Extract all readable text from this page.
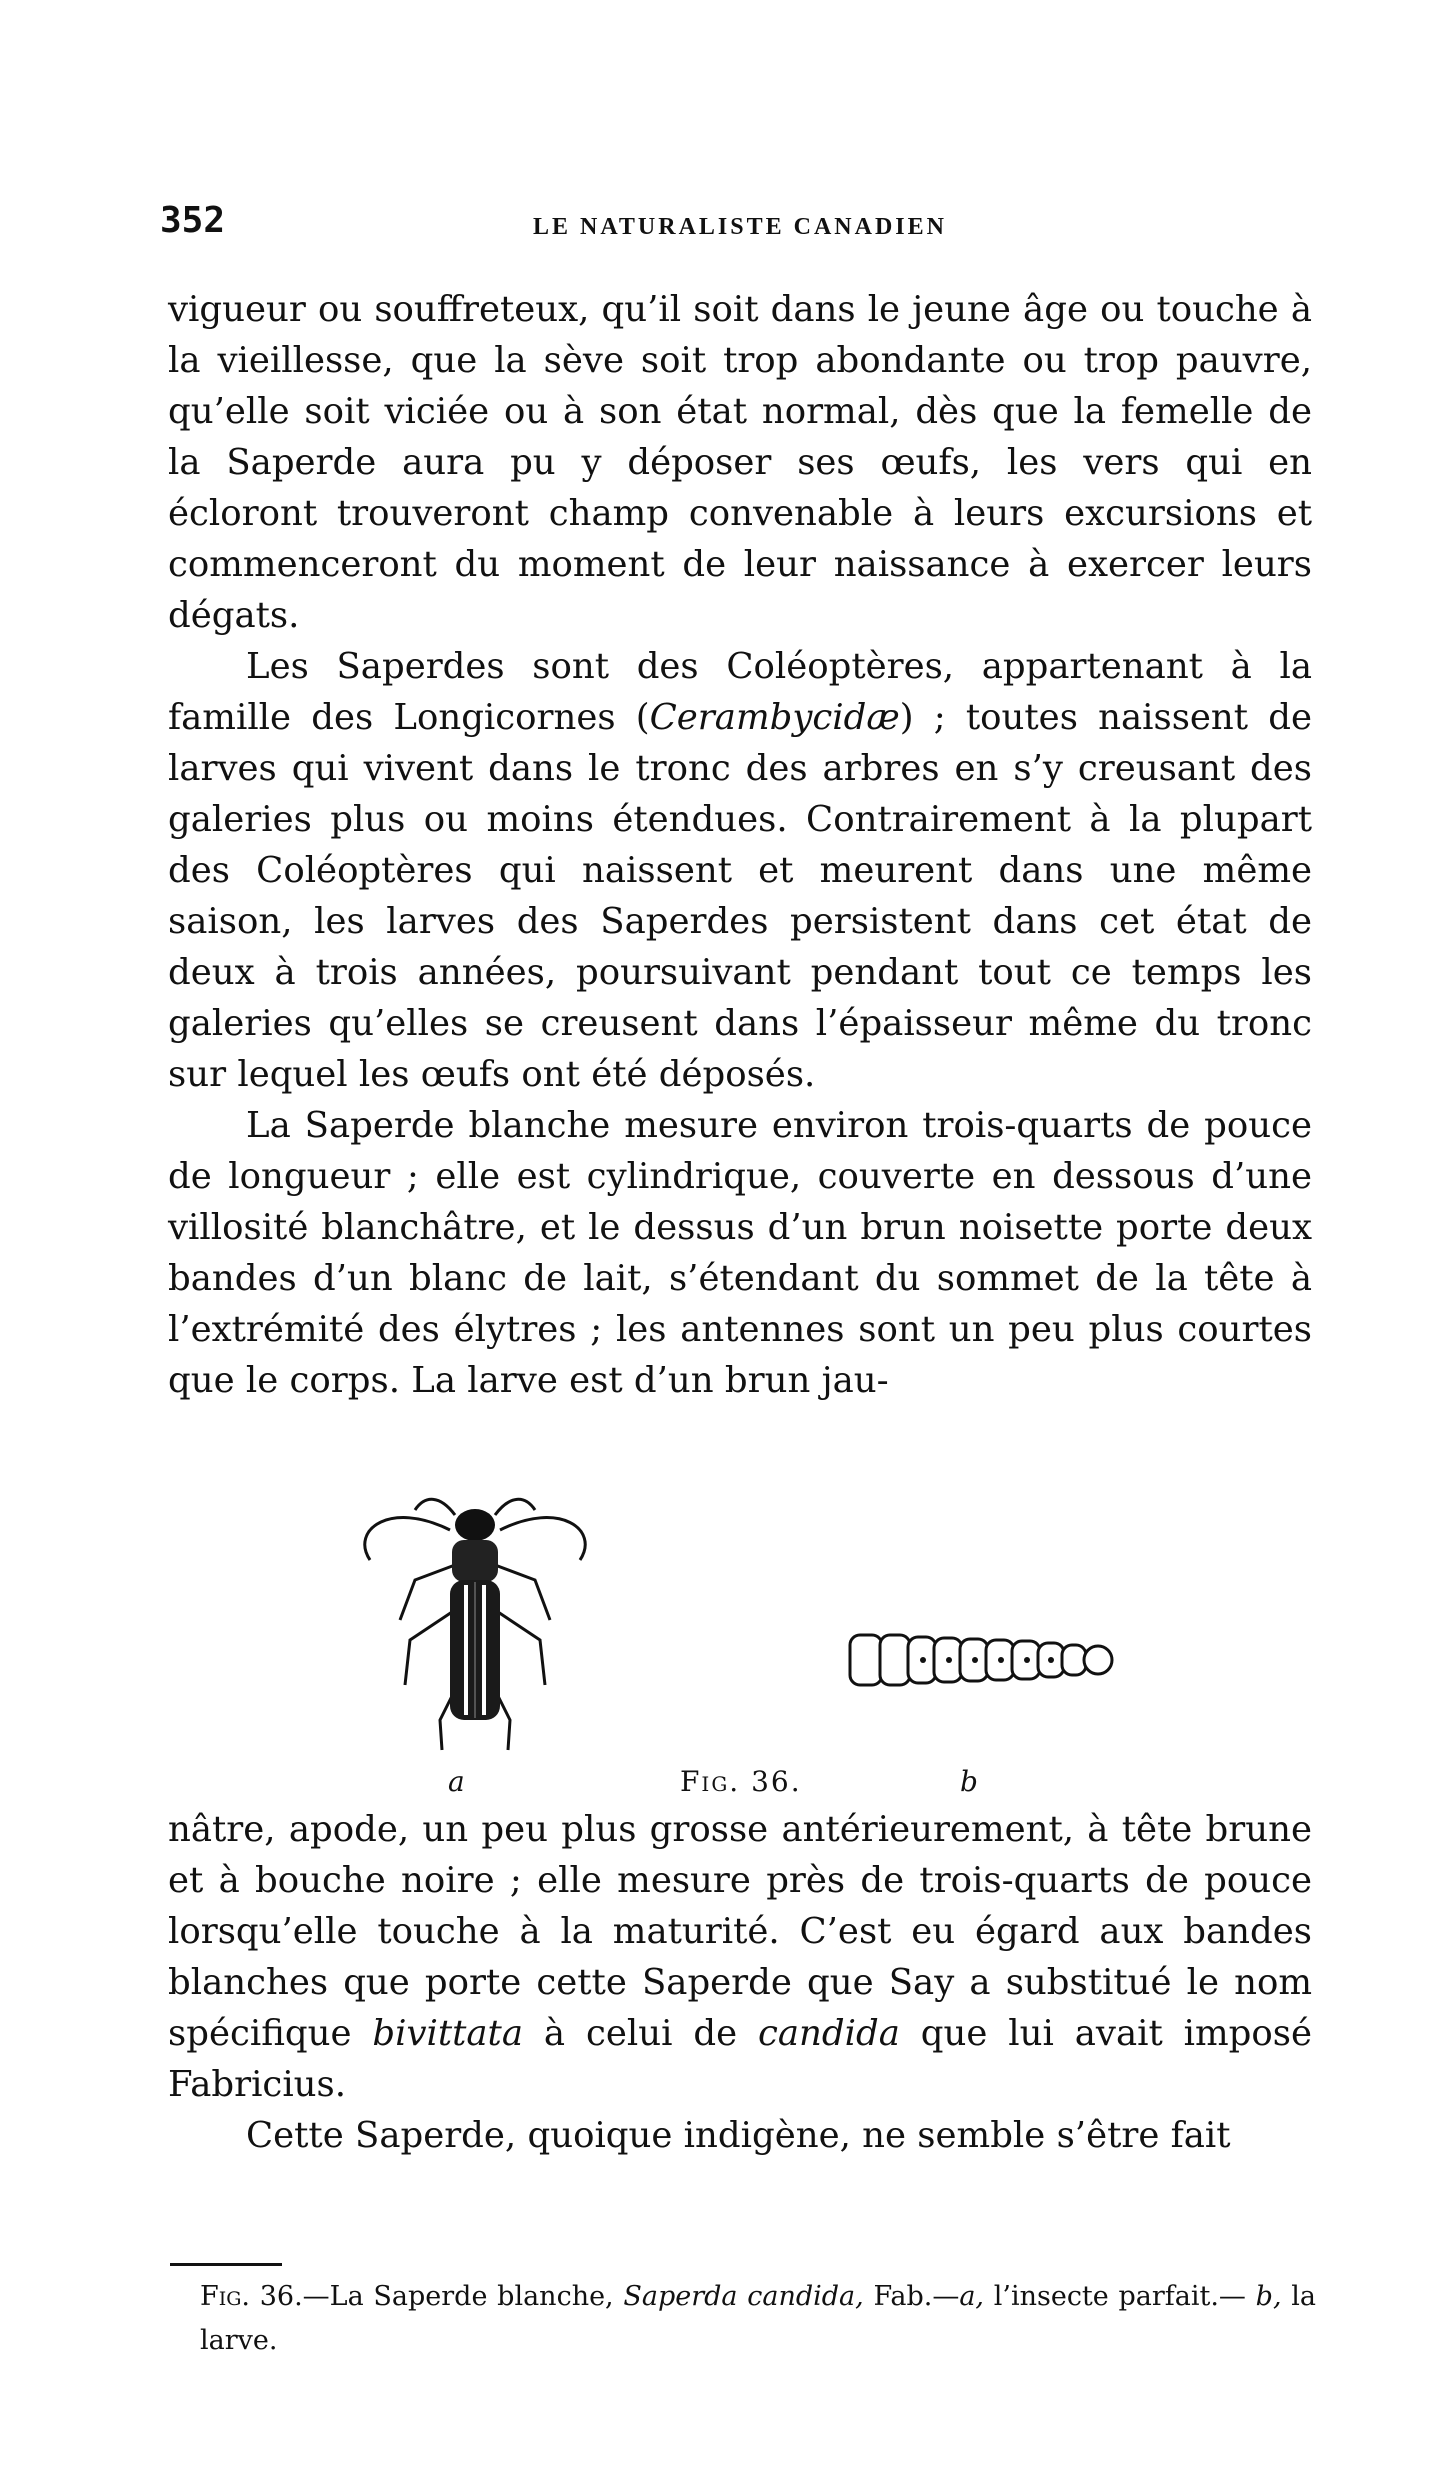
352	LE NATURALISTE CANADIEN

vigueur ou souffreteux, qu’il soit dans le jeune âge ou touche à la vieillesse, que la sève soit trop abondante ou trop pauvre, qu’elle soit viciée ou à son état normal, dès que la femelle de la Saperde aura pu y déposer ses œufs, les vers qui en écloront trouveront champ convenable à leurs excursions et commenceront du moment de leur naissance à exercer leurs dégats.

Les Saperdes sont des Coléoptères, appartenant à la famille des Longicornes (Cerambycidæ) ; toutes naissent de larves qui vivent dans le tronc des arbres en s’y creusant des galeries plus ou moins étendues. Contrairement à la plupart des Coléoptères qui naissent et meurent dans une même saison, les larves des Saperdes persistent dans cet état de deux à trois années, poursuivant pendant tout ce temps les galeries qu’elles se creusent dans l’épaisseur même du tronc sur lequel les œufs ont été déposés.

La Saperde blanche mesure environ trois-quarts de pouce de longueur ; elle est cylindrique, couverte en dessous d’une villosité blanchâtre, et le dessus d’un brun noisette porte deux bandes d’un blanc de lait, s’étendant du sommet de la tête à l’extrémité des élytres ; les antennes sont un peu plus courtes que le corps. La larve est d’un brun jau-

a	Fig. 36.	b

nâtre, apode, un peu plus grosse antérieurement, à tête brune et à bouche noire ; elle mesure près de trois-quarts de pouce lorsqu’elle touche à la maturité. C’est eu égard aux bandes blanches que porte cette Saperde que Say a substitué le nom spécifique bivittata à celui de candida que lui avait imposé Fabricius.

Cette Saperde, quoique indigène, ne semble s’être fait

Fig. 36.—La Saperde blanche, Saperda candida, Fab.—a, l’insecte parfait.— b, la larve.
